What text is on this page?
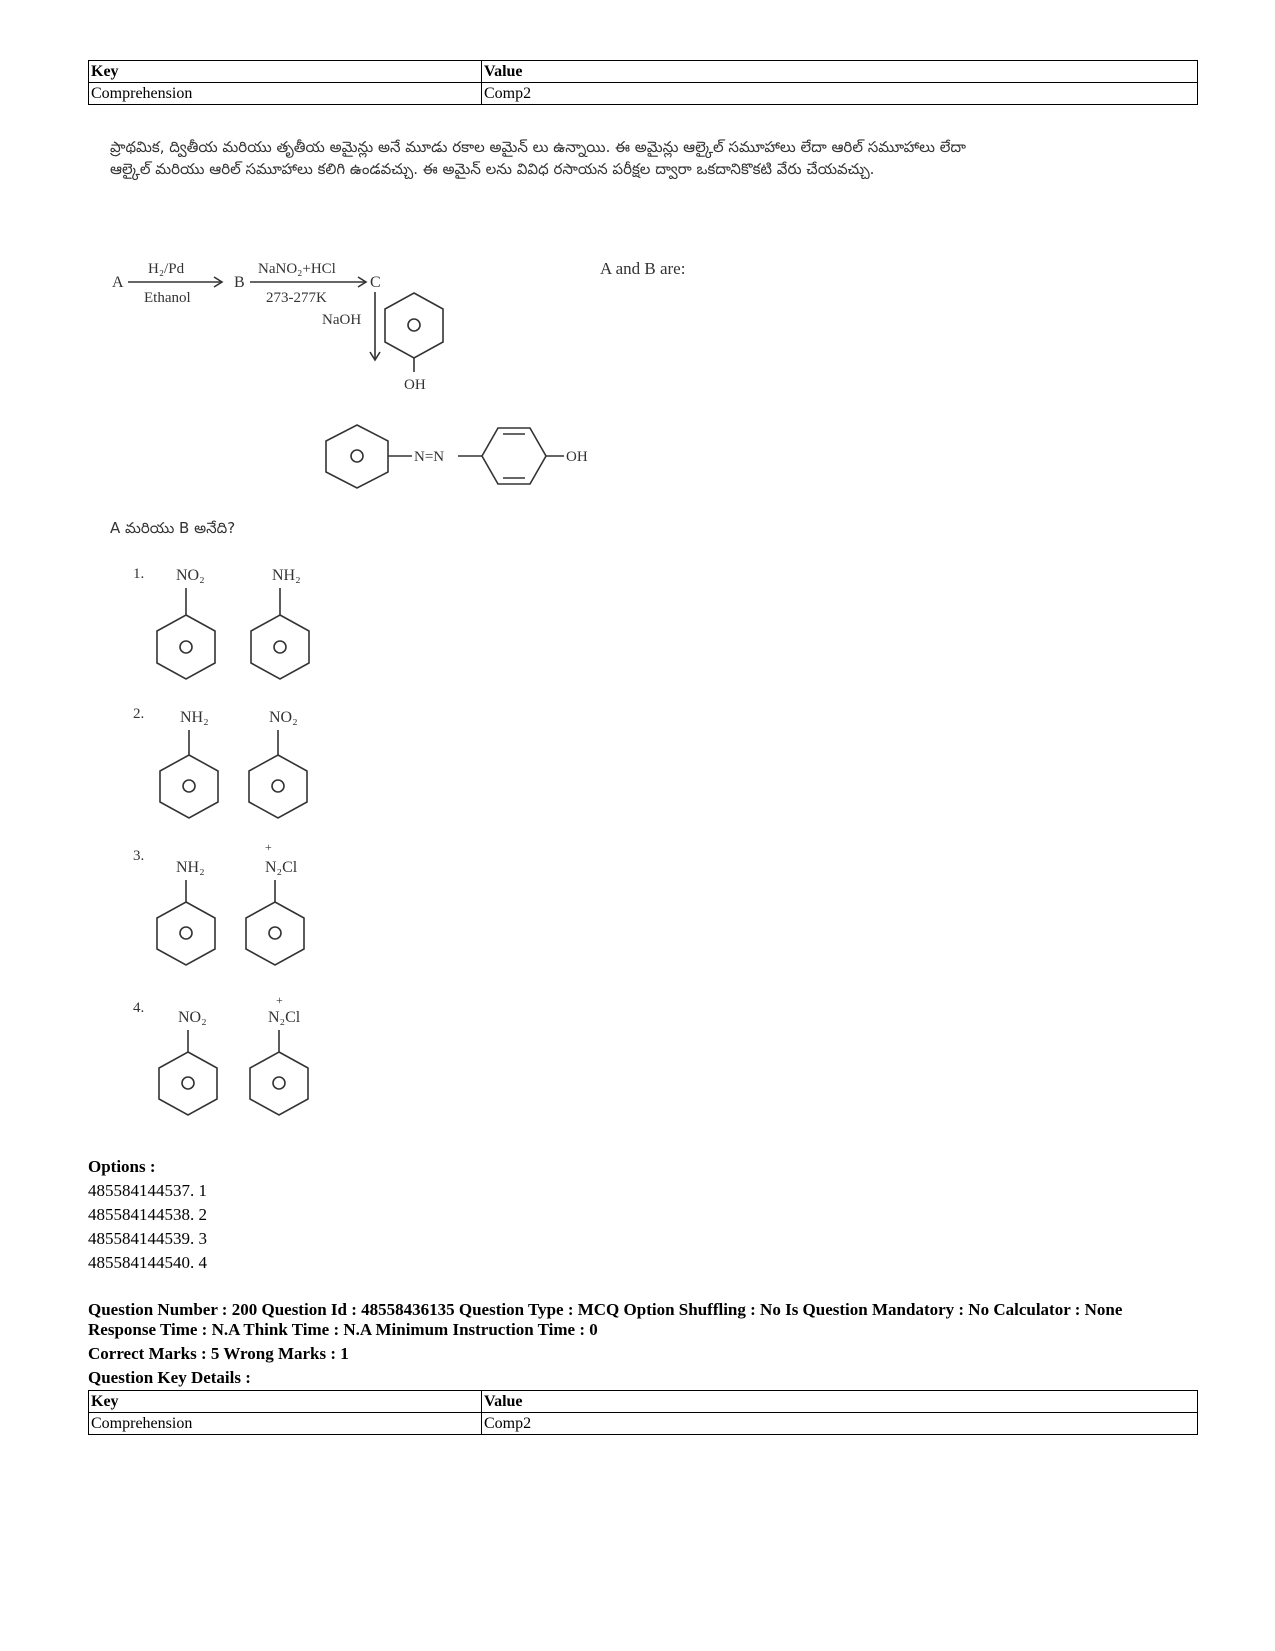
Key	Value
Comprehension	Comp2
ప్రాథమిక, ద్వితీయ మరియు తృతీయ అమైన్లు అనే మూడు రకాల అమైన్ లు ఉన్నాయి. ఈ అమైన్లు ఆల్కైల్ సమూహాలు లేదా ఆరిల్ సమూహాలు లేదా ఆల్కైల్ మరియు ఆరిల్ సమూహాలు కలిగి ఉండవచ్చు. ఈ అమైన్ లను వివిధ రసాయన పరీక్షల ద్వారా ఒకదానికొకటి వేరు చేయవచ్చు.
A
H₂/Pd
Ethanol
B
NaNO₂+HCl
273-277K
C
NaOH
OH
A and B are:
N=N	OH
A మరియు B అనేది?
1. NO₂	NH₂
2. NH₂	NO₂
3.
NH₂
+
N₂Cl
4.
NO₂
+
N₂Cl
Options :
485584144537. 1
485584144538. 2
485584144539. 3
485584144540. 4
Question Number : 200 Question Id : 48558436135 Question Type : MCQ Option Shuffling : No Is Question Mandatory : No Calculator : None
Response Time : N.A Think Time : N.A Minimum Instruction Time : 0
Correct Marks : 5 Wrong Marks : 1
Question Key Details :
Key	Value
Comprehension	Comp2
